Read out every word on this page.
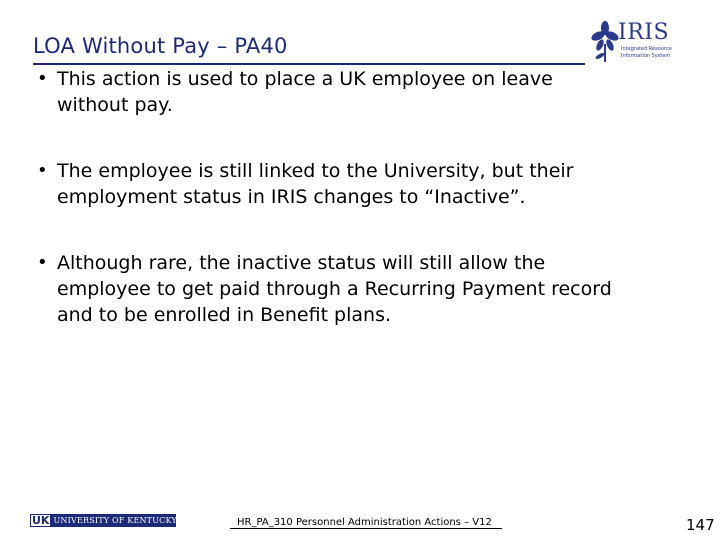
LOA Without Pay – PA40
IRIS
Integrated Resource Information System
• This action is used to place a UK employee on leave
without pay.
• The employee is still linked to the University, but their
employment status in IRIS changes to “Inactive”.
• Although rare, the inactive status will still allow the
employee to get paid through a Recurring Payment record
and to be enrolled in Benefit plans.
UK UNIVERSITY OF KENTUCKY	HR_PA_310 Personnel Administration Actions – V12	147
